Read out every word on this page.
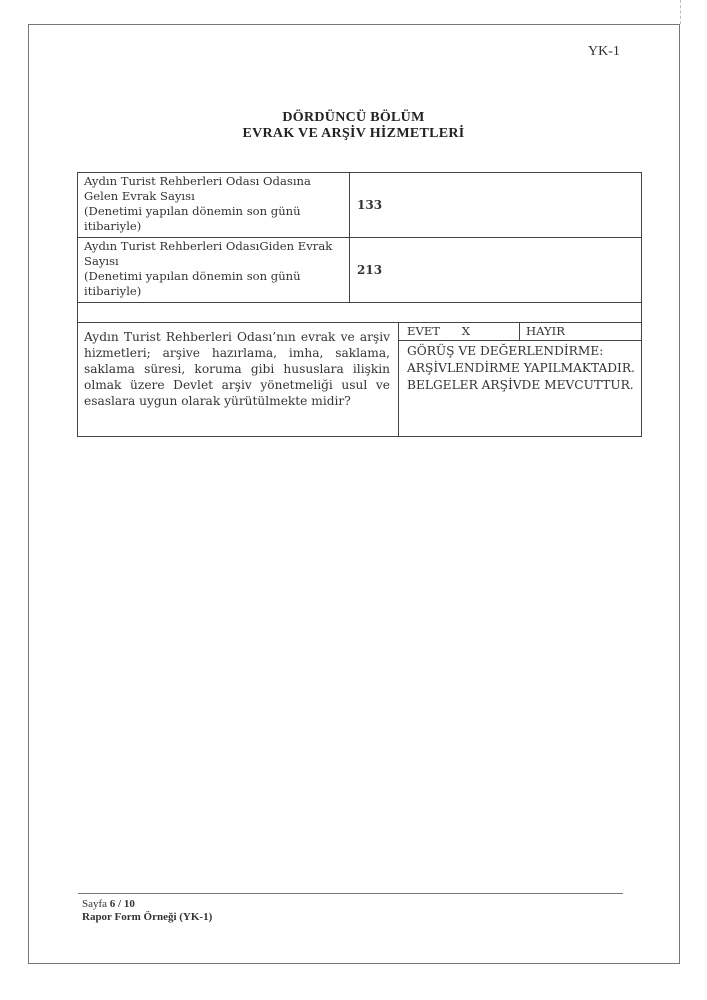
YK-1
DÖRDÜNCÜ BÖLÜM
EVRAK VE ARŞİV HİZMETLERİ
Aydın Turist Rehberleri Odası Odasına
Gelen Evrak Sayısı
(Denetimi yapılan dönemin son günü
itibariyle)
133
Aydın Turist Rehberleri OdasıGiden Evrak
Sayısı
(Denetimi yapılan dönemin son günü
itibariyle)
213
Aydın Turist Rehberleri Odası’nın evrak ve arşiv hizmetleri; arşive hazırlama, imha, saklama, saklama süresi, koruma gibi hususlara ilişkin olmak üzere Devlet arşiv yönetmeliği usul ve esaslara uygun olarak yürütülmekte midir?
EVET X	HAYIR
GÖRÜŞ VE DEĞERLENDİRME:
ARŞİVLENDİRME YAPILMAKTADIR.
BELGELER ARŞİVDE MEVCUTTUR.
Sayfa 6 / 10
Rapor Form Örneği (YK-1)
